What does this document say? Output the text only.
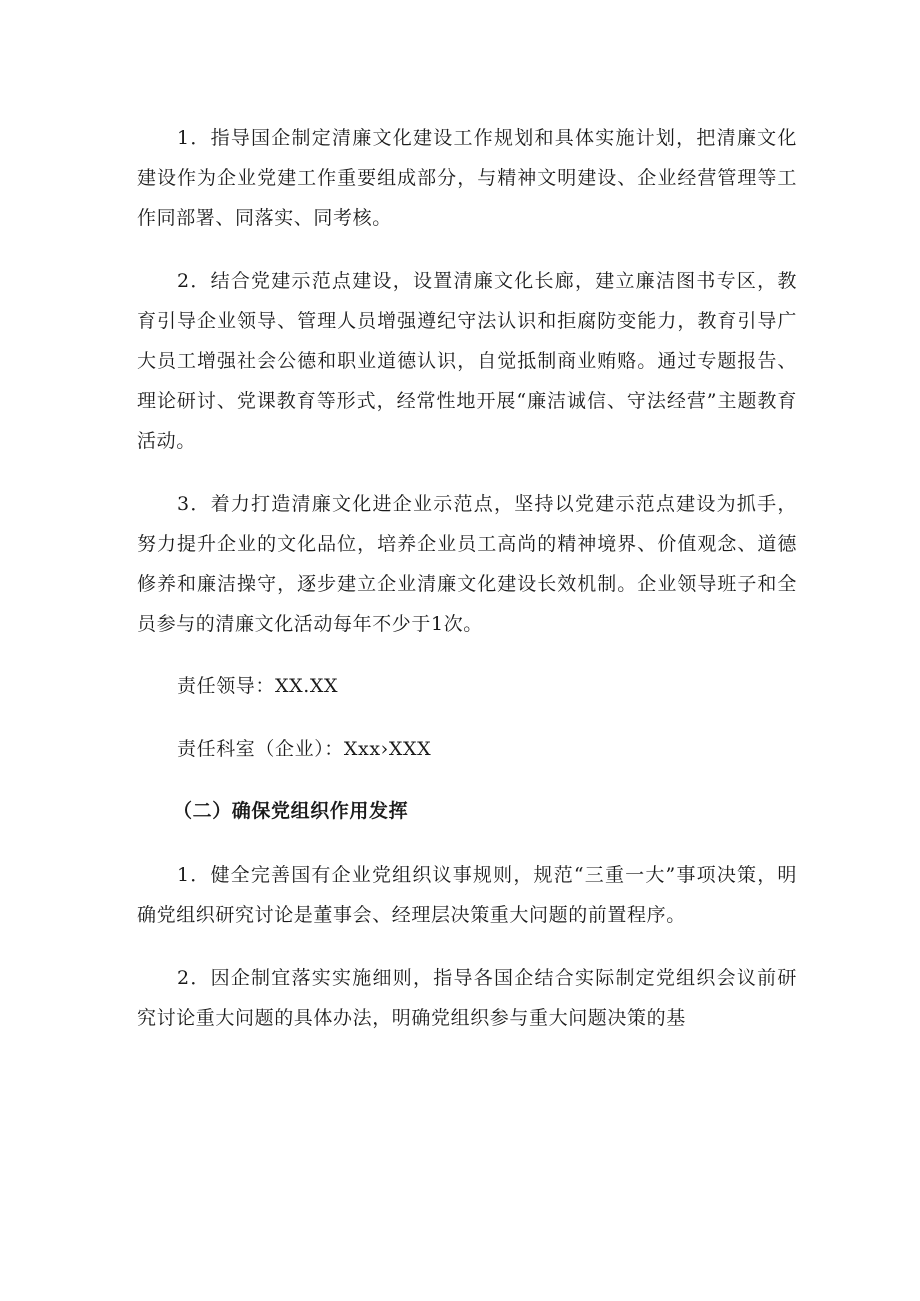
1．指导国企制定清廉文化建设工作规划和具体实施计划，把清廉文化建设作为企业党建工作重要组成部分，与精神文明建设、企业经营管理等工作同部署、同落实、同考核。

2．结合党建示范点建设，设置清廉文化长廊，建立廉洁图书专区，教育引导企业领导、管理人员增强遵纪守法认识和拒腐防变能力，教育引导广大员工增强社会公德和职业道德认识，自觉抵制商业贿赂。通过专题报告、理论研讨、党课教育等形式，经常性地开展“廉洁诚信、守法经营”主题教育活动。

3．着力打造清廉文化进企业示范点，坚持以党建示范点建设为抓手，努力提升企业的文化品位，培养企业员工高尚的精神境界、价值观念、道德修养和廉洁操守，逐步建立企业清廉文化建设长效机制。企业领导班子和全员参与的清廉文化活动每年不少于1次。

责任领导：XX.XX

责任科室（企业）：Xxx›XXX

（二）确保党组织作用发挥

1．健全完善国有企业党组织议事规则，规范“三重一大”事项决策，明确党组织研究讨论是董事会、经理层决策重大问题的前置程序。

2．因企制宜落实实施细则，指导各国企结合实际制定党组织会议前研究讨论重大问题的具体办法，明确党组织参与重大问题决策的基
